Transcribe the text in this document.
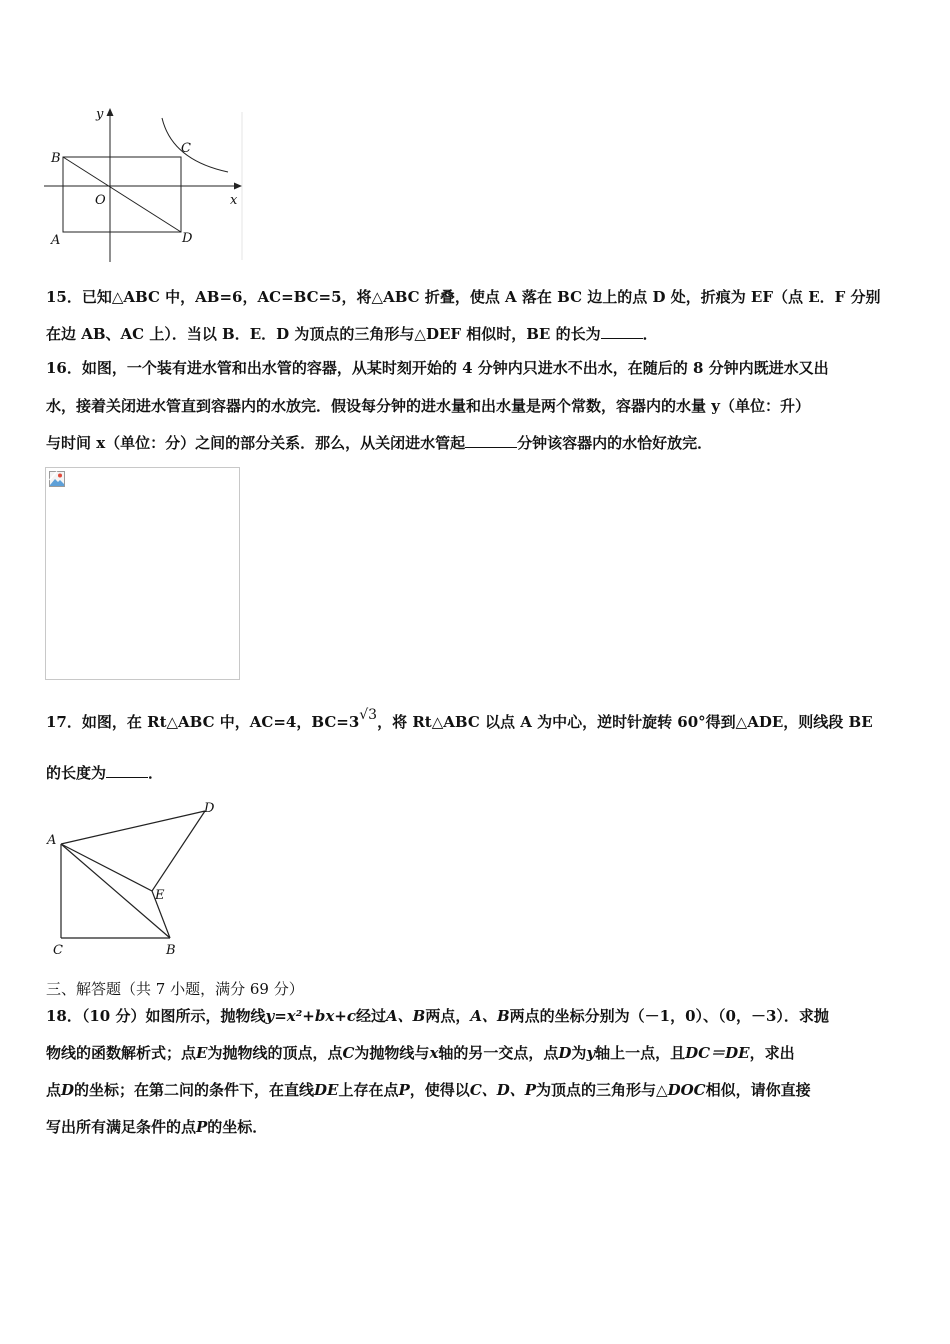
y
x
B
C
O
A	D
15．已知△ABC 中，AB=6，AC=BC=5，将△ABC 折叠，使点 A 落在 BC 边上的点 D 处，折痕为 EF（点 E．F 分别
在边 AB、AC 上）．当以 B．E．D 为顶点的三角形与△DEF 相似时，BE 的长为	．
16．如图，一个装有进水管和出水管的容器，从某时刻开始的 4 分钟内只进水不出水，在随后的 8 分钟内既进水又出
水，接着关闭进水管直到容器内的水放完．假设每分钟的进水量和出水量是两个常数，容器内的水量 y（单位：升）
与时间 x（单位：分）之间的部分关系．那么，从关闭进水管起	分钟该容器内的水恰好放完．
17．如图，在 Rt△ABC 中，AC=4，BC=3√3，将 Rt△ABC 以点 A 为中心，逆时针旋转 60°得到△ADE，则线段 BE
的长度为	．
D
A
E
C	B
三、解答题（共 7 小题，满分 69 分）
18．（10 分）如图所示，抛物线y=x²+bx+c经过A、B两点，A、B两点的坐标分别为（－1，0）、（0，－3）．求抛
物线的函数解析式；点E为抛物线的顶点，点C为抛物线与x轴的另一交点，点D为y轴上一点，且DC＝DE，求出
点D的坐标；在第二问的条件下，在直线DE上存在点P，使得以C、D、P为顶点的三角形与△DOC相似，请你直接
写出所有满足条件的点P的坐标．
